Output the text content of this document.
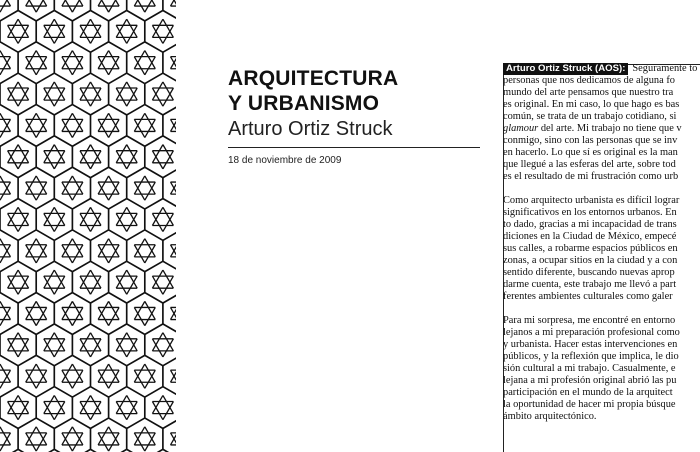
ARQUITECTURA
Y URBANISMO
Arturo Ortiz Struck
18 de noviembre de 2009
Arturo Ortiz Struck (AOS): Seguramente to
personas que nos dedicamos de alguna fo
mundo del arte pensamos que nuestro tra
es original. En mi caso, lo que hago es bas
común, se trata de un trabajo cotidiano, si
glamour del arte. Mi trabajo no tiene que v
conmigo, sino con las personas que se inv
en hacerlo. Lo que sí es original es la man
que llegué a las esferas del arte, sobre tod
es el resultado de mi frustración como urb
Como arquitecto urbanista es difícil lograr
significativos en los entornos urbanos. En
to dado, gracias a mi incapacidad de trans
diciones en la Ciudad de México, empecé
sus calles, a robarme espacios públicos en
zonas, a ocupar sitios en la ciudad y a con
sentido diferente, buscando nuevas aprop
darme cuenta, este trabajo me llevó a part
ferentes ambientes culturales como galer
Para mi sorpresa, me encontré en entorno
lejanos a mi preparación profesional como
y urbanista. Hacer estas intervenciones en
públicos, y la reflexión que implica, le dio
sión cultural a mi trabajo. Casualmente, e
lejana a mi profesión original abrió las pu
participación en el mundo de la arquitect
la oportunidad de hacer mi propia búsque
ámbito arquitectónico.
